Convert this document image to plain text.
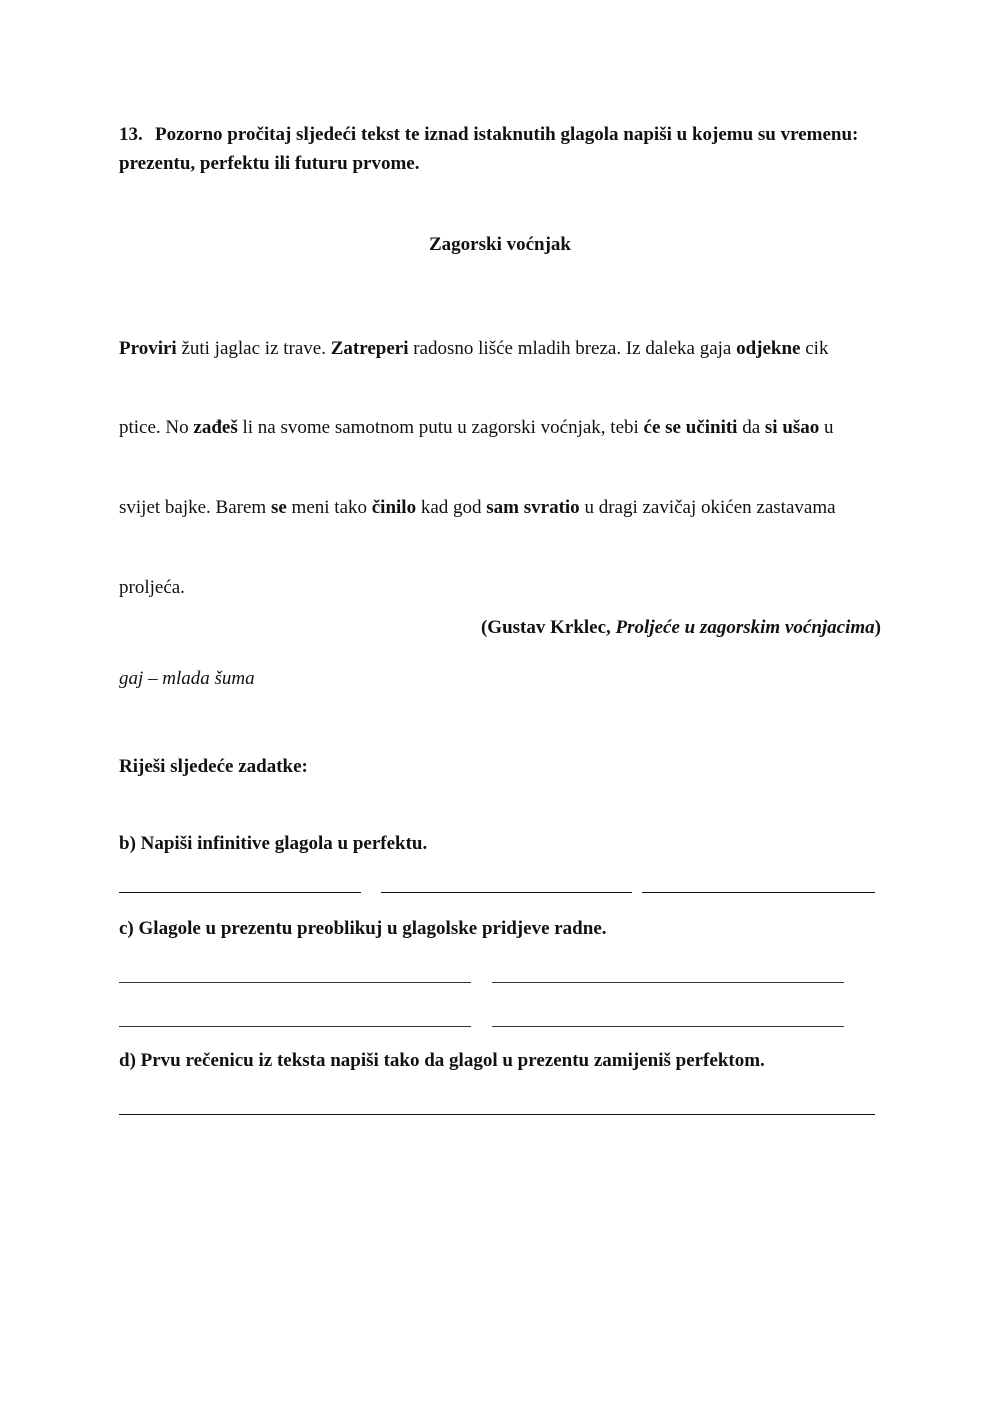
13. Pozorno pročitaj sljedeći tekst te iznad istaknutih glagola napiši u kojemu su vremenu: prezentu, perfektu ili futuru prvome.
Zagorski voćnjak
Proviri žuti jaglac iz trave. Zatreperi radosno lišće mladih breza. Iz daleka gaja odjekne cik
ptice. No zađeš li na svome samotnom putu u zagorski voćnjak, tebi će se učiniti da si ušao u
svijet bajke. Barem se meni tako činilo kad god sam svratio u dragi zavičaj okićen zastavama
proljeća.
(Gustav Krklec, Proljeće u zagorskim voćnjacima)
gaj – mlada šuma
Riješi sljedeće zadatke:
b) Napiši infinitive glagola u perfektu.
c) Glagole u prezentu preoblikuj u glagolske pridjeve radne.
d) Prvu rečenicu iz teksta napiši tako da glagol u prezentu zamijeniš perfektom.
